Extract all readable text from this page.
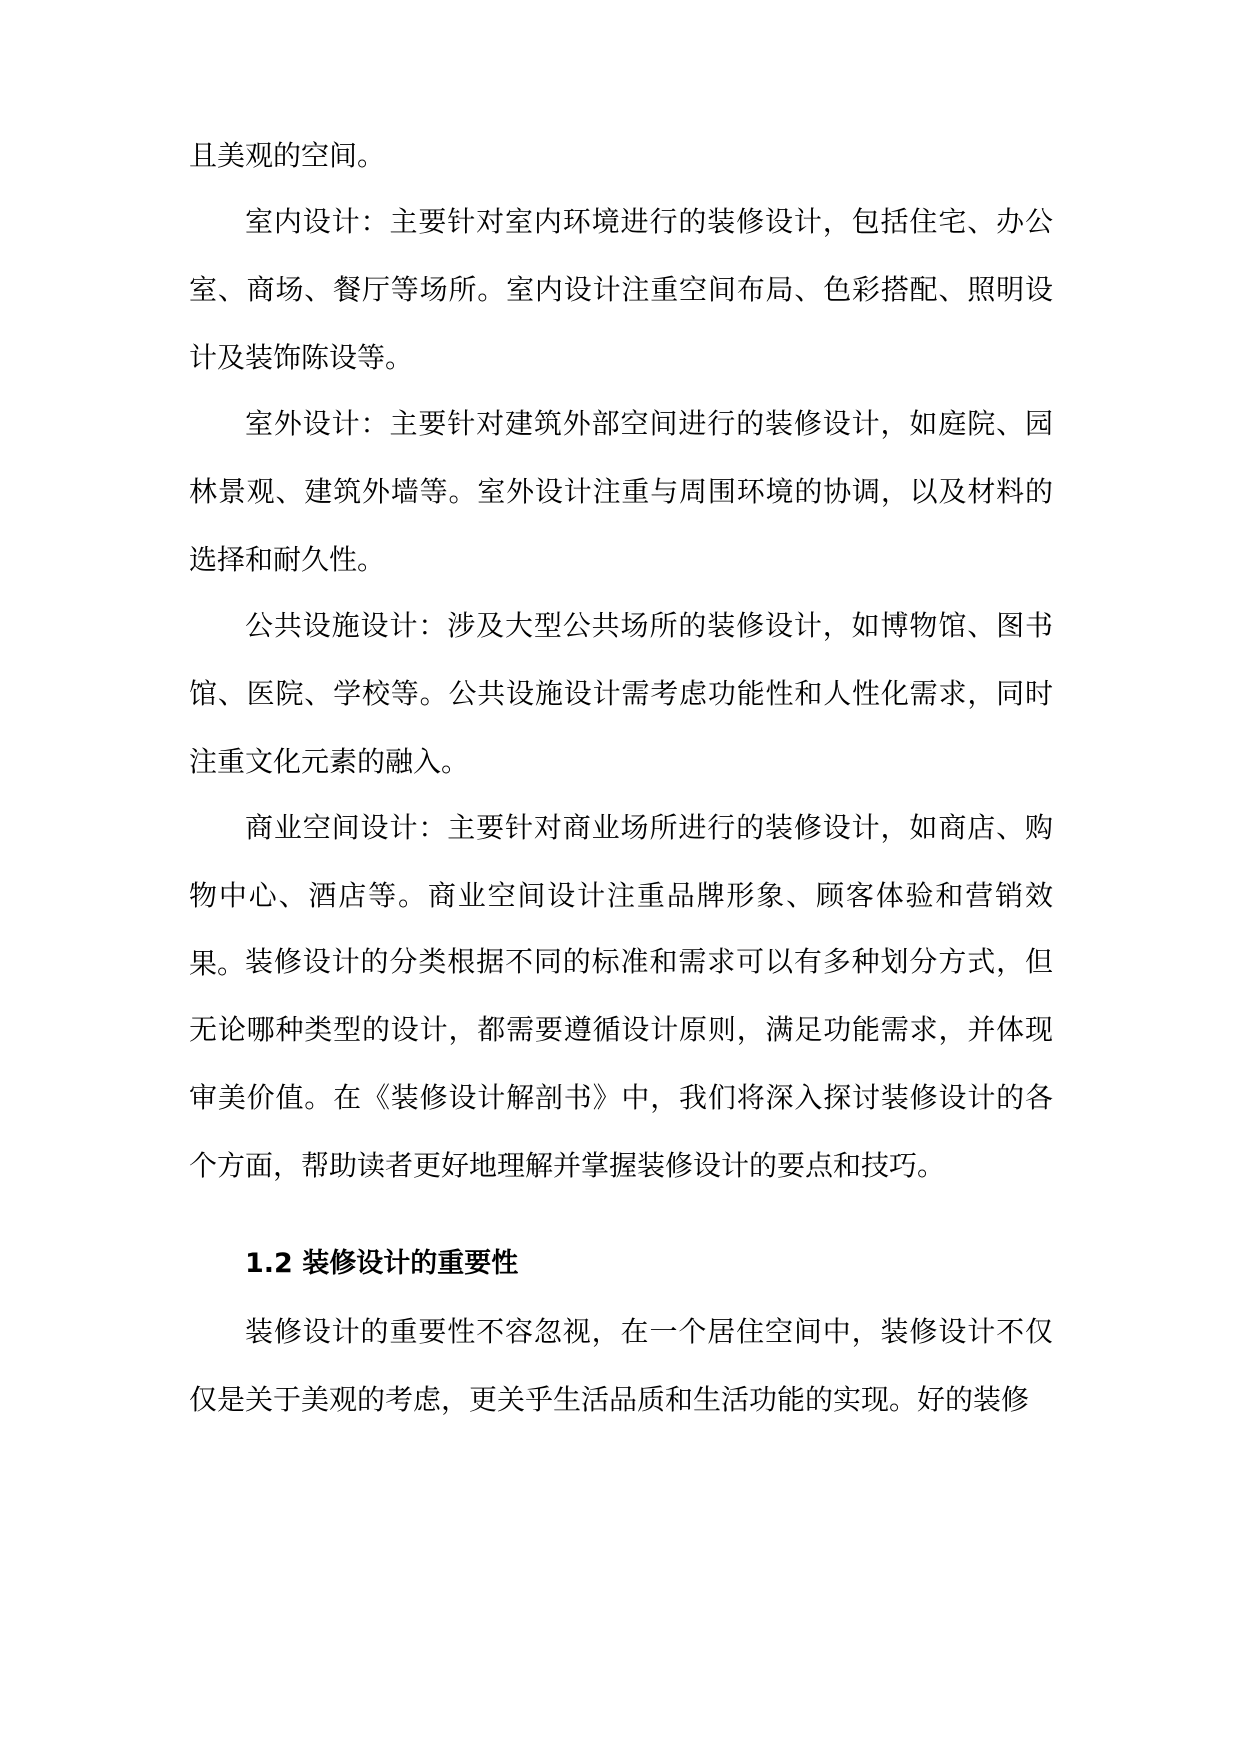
且美观的空间。

室内设计：主要针对室内环境进行的装修设计，包括住宅、办公室、商场、餐厅等场所。室内设计注重空间布局、色彩搭配、照明设计及装饰陈设等。

室外设计：主要针对建筑外部空间进行的装修设计，如庭院、园林景观、建筑外墙等。室外设计注重与周围环境的协调，以及材料的选择和耐久性。

公共设施设计：涉及大型公共场所的装修设计，如博物馆、图书馆、医院、学校等。公共设施设计需考虑功能性和人性化需求，同时注重文化元素的融入。

商业空间设计：主要针对商业场所进行的装修设计，如商店、购物中心、酒店等。商业空间设计注重品牌形象、顾客体验和营销效果。 装修设计的分类根据不同的标准和需求可以有多种划分方式，但无论哪种类型的设计，都需要遵循设计原则，满足功能需求，并体现审美价值。在《装修设计解剖书》中，我们将深入探讨装修设计的各个方面，帮助读者更好地理解并掌握装修设计的要点和技巧。

1.2 装修设计的重要性

装修设计的重要性不容忽视，在一个居住空间中，装修设计不仅仅是关于美观的考虑，更关乎生活品质和生活功能的实现。好的装修
